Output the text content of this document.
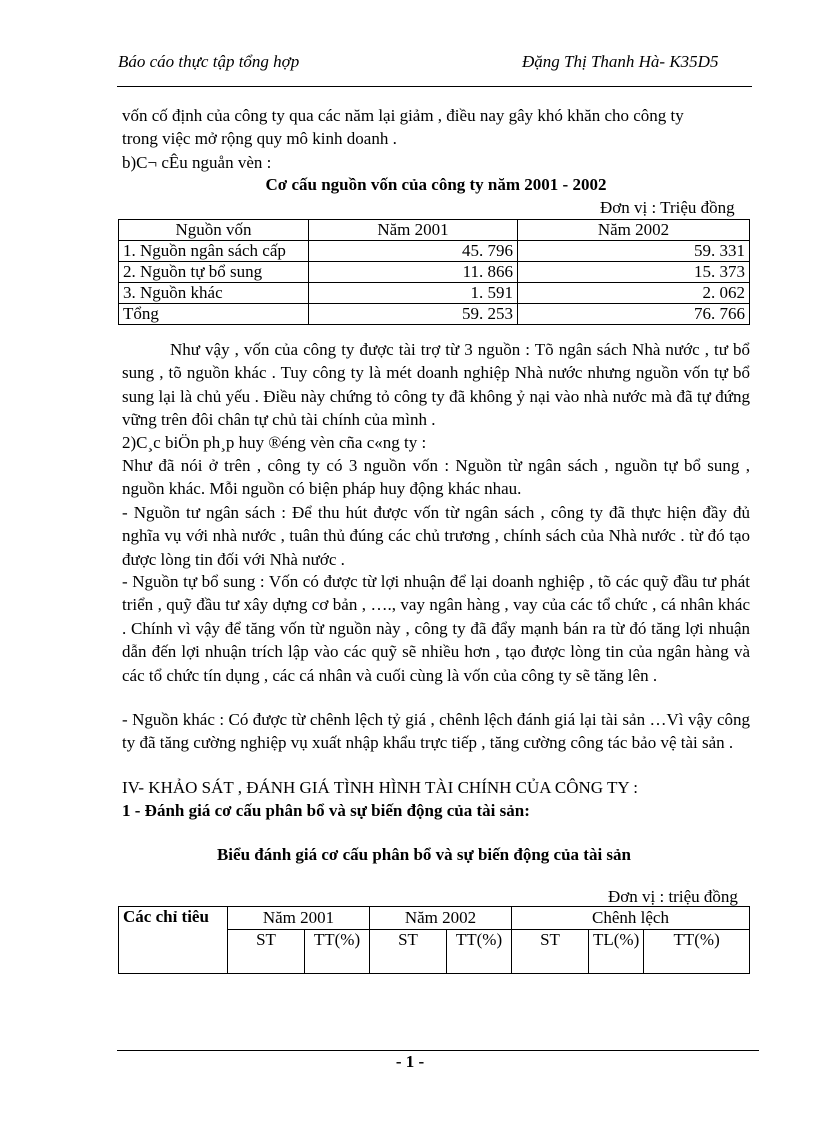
Báo cáo thực tập tổng hợp	Đặng Thị Thanh Hà- K35D5
vốn cố định của công ty qua các năm lại giảm , điều nay gây khó khăn cho công ty
trong việc mở rộng quy mô kinh doanh .
b)C¬ cÊu nguån vèn :
Cơ cấu nguồn vốn của công ty năm 2001 - 2002
Đơn vị : Triệu đồng
Nguồn vốn	Năm 2001	Năm 2002
1. Nguồn ngân sách cấp	45. 796	59. 331
2. Nguồn tự bổ sung	11. 866	15. 373
3. Nguồn khác	1. 591	2. 062
Tổng	59. 253	76. 766
Như vậy , vốn của công ty được tài trợ từ 3 nguồn : Tõ ngân sách Nhà nước , tư bổ sung , tõ nguồn khác . Tuy công ty là mét doanh nghiệp Nhà nước nhưng nguồn vốn tự bổ sung lại là chủ yếu . Điều này chứng tỏ công ty đã không ỷ nại vào nhà nước mà đã tự đứng vững trên đôi chân tự chủ tài chính của mình .
2)C¸c biÖn ph¸p huy ®éng vèn cña c«ng ty :
Như đã nói ở trên , công ty có 3 nguồn vốn : Nguồn từ ngân sách , nguồn tự bổ sung , nguồn khác. Mỗi nguồn có biện pháp huy động khác nhau.
- Nguồn tư ngân sách : Để thu hút được vốn từ ngân sách , công ty đã thực hiện đầy đủ nghĩa vụ với nhà nước , tuân thủ đúng các chủ trương , chính sách của Nhà nước . từ đó tạo được lòng tin đối với Nhà nước .
- Nguồn tự bổ sung : Vốn có được từ lợi nhuận để lại doanh nghiệp , tõ các quỹ đầu tư phát triển , quỹ đầu tư xây dựng cơ bản , …., vay ngân hàng , vay của các tổ chức , cá nhân khác . Chính vì vậy để tăng vốn từ nguồn này , công ty đã đẩy mạnh bán ra từ đó tăng lợi nhuận dẫn đến lợi nhuận trích lập vào các quỹ sẽ nhiều hơn , tạo được lòng tin của ngân hàng và các tổ chức tín dụng , các cá nhân và cuối cùng là vốn của công ty sẽ tăng lên .
- Nguồn khác : Có được từ chênh lệch tỷ giá , chênh lệch đánh giá lại tài sản …Vì vậy công ty đã tăng cường nghiệp vụ xuất nhập khẩu trực tiếp , tăng cường công tác bảo vệ tài sản .
IV- KHẢO SÁT , ĐÁNH GIÁ TÌNH HÌNH TÀI CHÍNH CỦA CÔNG TY :
1 - Đánh giá cơ cấu phân bổ và sự biến động của tài sản:
Biểu đánh giá cơ cấu phân bổ và sự biến động của tài sản
Đơn vị : triệu đồng
Các chỉ tiêu	Năm 2001		Năm 2002		Chênh lệch		
	ST	TT(%)	ST	TT(%)	ST	TL(%)	TT(%)
- 1 -
